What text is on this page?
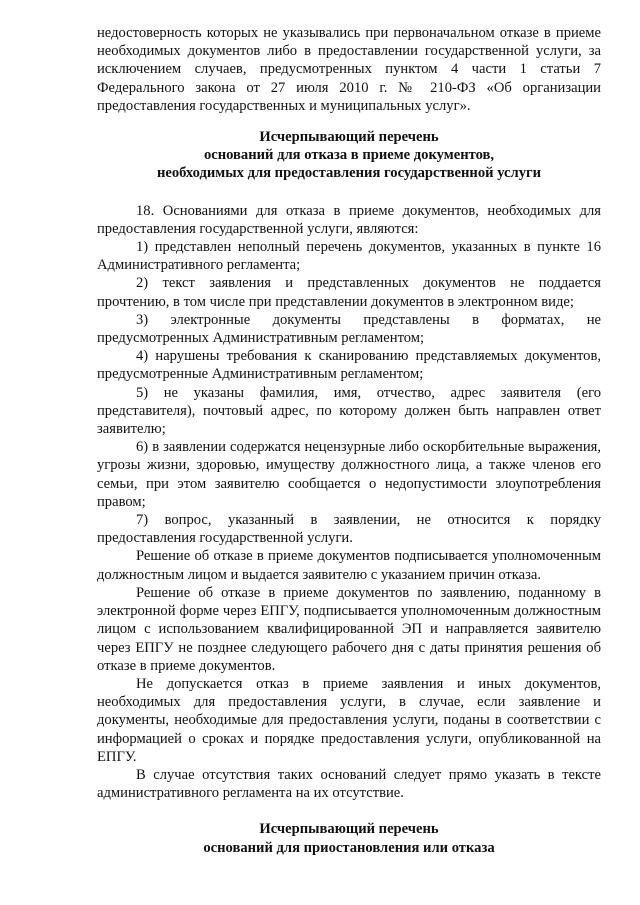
недостоверность которых не указывались при первоначальном отказе в приеме необходимых документов либо в предоставлении государственной услуги, за исключением случаев, предусмотренных пунктом 4 части 1 статьи 7 Федерального закона от 27 июля 2010 г. № 210-ФЗ «Об организации предоставления государственных и муниципальных услуг».

Исчерпывающий перечень

оснований для отказа в приеме документов,

необходимых для предоставления государственной услуги

18. Основаниями для отказа в приеме документов, необходимых для предоставления государственной услуги, являются:

1) представлен неполный перечень документов, указанных в пункте 16 Административного регламента;

2) текст заявления и представленных документов не поддается прочтению, в том числе при представлении документов в электронном виде;

3) электронные документы представлены в форматах, не предусмотренных Административным регламентом;

4) нарушены требования к сканированию представляемых документов, предусмотренные Административным регламентом;

5) не указаны фамилия, имя, отчество, адрес заявителя (его представителя), почтовый адрес, по которому должен быть направлен ответ заявителю;

6) в заявлении содержатся нецензурные либо оскорбительные выражения, угрозы жизни, здоровью, имуществу должностного лица, а также членов его семьи, при этом заявителю сообщается о недопустимости злоупотребления правом;

7) вопрос, указанный в заявлении, не относится к порядку предоставления государственной услуги.

Решение об отказе в приеме документов подписывается уполномоченным должностным лицом и выдается заявителю с указанием причин отказа.

Решение об отказе в приеме документов по заявлению, поданному в электронной форме через ЕПГУ, подписывается уполномоченным должностным лицом с использованием квалифицированной ЭП и направляется заявителю через ЕПГУ не позднее следующего рабочего дня с даты принятия решения об отказе в приеме документов.

Не допускается отказ в приеме заявления и иных документов, необходимых для предоставления услуги, в случае, если заявление и документы, необходимые для предоставления услуги, поданы в соответствии с информацией о сроках и порядке предоставления услуги, опубликованной на ЕПГУ.

В случае отсутствия таких оснований следует прямо указать в тексте административного регламента на их отсутствие.

Исчерпывающий перечень

оснований для приостановления или отказа
